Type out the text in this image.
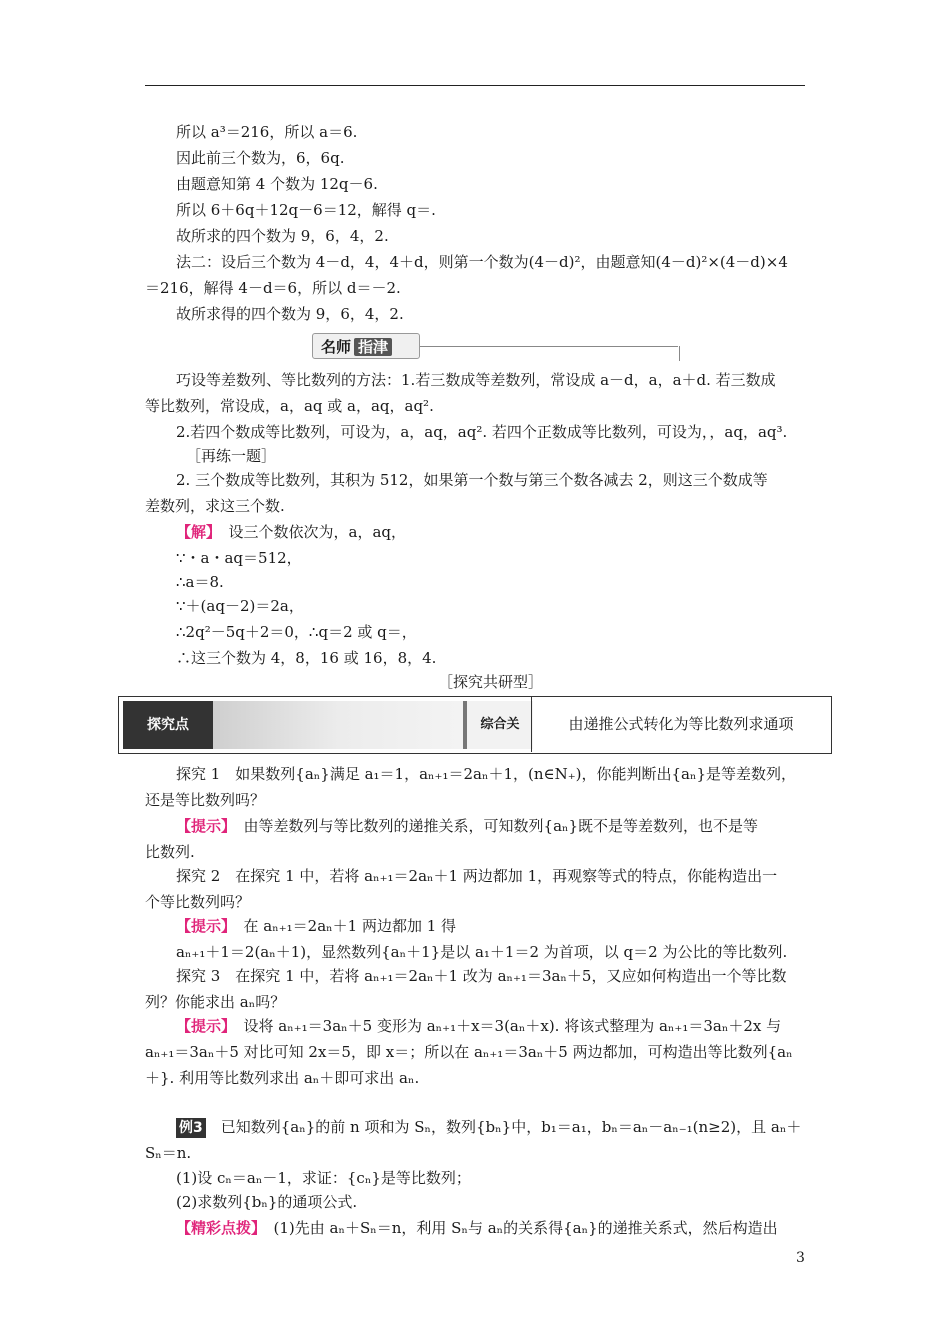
所以 a³＝216，所以 a＝6.
因此前三个数为，6，6q.
由题意知第 4 个数为 12q－6.
所以 6＋6q＋12q－6＝12，解得 q＝.
故所求的四个数为 9，6，4，2.
法二：设后三个数为 4－d，4，4＋d，则第一个数为(4－d)²，由题意知(4－d)²×(4－d)×4
＝216，解得 4－d＝6，所以 d＝－2.
故所求得的四个数为 9，6，4，2.
名师 指津
巧设等差数列、等比数列的方法：1.若三数成等差数列，常设成 a－d，a，a＋d. 若三数成
等比数列，常设成，a，aq 或 a，aq，aq².
2.若四个数成等比数列，可设为，a，aq，aq². 若四个正数成等比数列，可设为，，aq，aq³.
［再练一题］
2. 三个数成等比数列，其积为 512，如果第一个数与第三个数各减去 2，则这三个数成等
差数列，求这三个数.
【解】　 设三个数依次为，a，aq，
∵・a・aq＝512，
∴a＝8.
∵＋(aq－2)＝2a，
∴2q²－5q＋2＝0，∴q＝2 或 q＝，
∴这三个数为 4，8，16 或 16，8，4.
［探究共研型］
探究点	综合关	由递推公式转化为等比数列求通项
探究 1　如果数列{aₙ}满足 a₁＝1，aₙ₊₁＝2aₙ＋1，(n∈N₊)，你能判断出{aₙ}是等差数列，
还是等比数列吗？
【提示】　 由等差数列与等比数列的递推关系，可知数列{aₙ}既不是等差数列，也不是等
比数列.
探究 2　在探究 1 中，若将 aₙ₊₁＝2aₙ＋1 两边都加 1，再观察等式的特点，你能构造出一
个等比数列吗？
【提示】　 在 aₙ₊₁＝2aₙ＋1 两边都加 1 得
aₙ₊₁＋1＝2(aₙ＋1)，显然数列{aₙ＋1}是以 a₁＋1＝2 为首项，以 q＝2 为公比的等比数列.
探究 3　在探究 1 中，若将 aₙ₊₁＝2aₙ＋1 改为 aₙ₊₁＝3aₙ＋5，又应如何构造出一个等比数
列？你能求出 aₙ吗？
【提示】　 设将 aₙ₊₁＝3aₙ＋5 变形为 aₙ₊₁＋x＝3(aₙ＋x). 将该式整理为 aₙ₊₁＝3aₙ＋2x 与
aₙ₊₁＝3aₙ＋5 对比可知 2x＝5，即 x＝；所以在 aₙ₊₁＝3aₙ＋5 两边都加，可构造出等比数列{aₙ
＋}. 利用等比数列求出 aₙ＋即可求出 aₙ.
例3　 已知数列{aₙ}的前 n 项和为 Sₙ，数列{bₙ}中，b₁＝a₁，bₙ＝aₙ－aₙ₋₁(n≥2)，且 aₙ＋
Sₙ＝n.
(1)设 cₙ＝aₙ－1，求证：{cₙ}是等比数列；
(2)求数列{bₙ}的通项公式.
【精彩点拨】　 (1)先由 aₙ＋Sₙ＝n，利用 Sₙ与 aₙ的关系得{aₙ}的递推关系式，然后构造出
3
